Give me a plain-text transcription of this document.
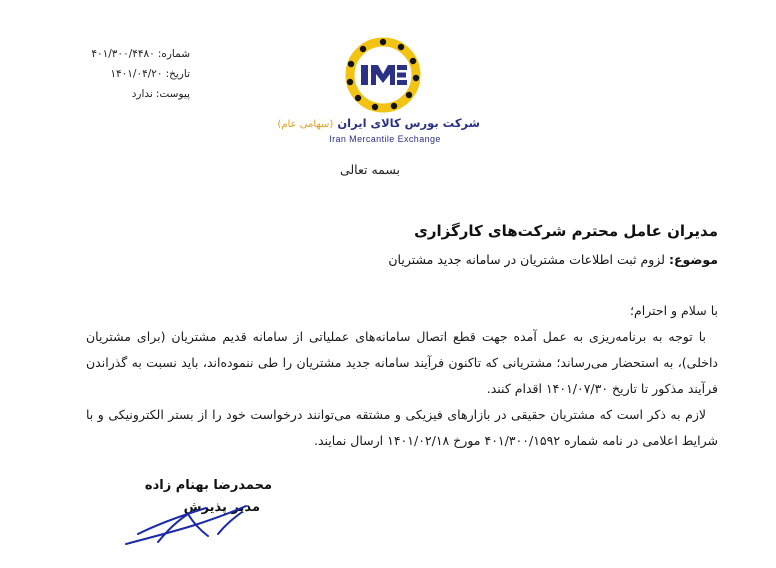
شماره:۴۰۱/۳۰۰/۴۴۸۰
تاریخ:۱۴۰۱/۰۴/۲۰
پیوست:ندارد
شرکت بورس کالای ایران (سهامی عام)
Iran Mercantile Exchange
بسمه تعالی
مدیران عامل محترم شرکت‌های کارگزاری
موضوع:لزوم ثبت اطلاعات مشتریان در سامانه جدید مشتریان

با سلام و احترام؛

با توجه به برنامه‌ریزی به عمل آمده جهت قطع اتصال سامانه‌های عملیاتی از سامانه قدیم مشتریان (برای مشتریان داخلی)، به استحضار می‌رساند؛ مشتریانی که تاکنون فرآیند سامانه جدید مشتریان را طی ننموده‌اند، باید نسبت به گذراندن فرآیند مذکور تا تاریخ ۱۴۰۱/۰۷/۳۰ اقدام کنند.

لازم به ذکر است که مشتریان حقیقی در بازارهای فیزیکی و مشتقه می‌توانند درخواست خود را از بستر الکترونیکی و با شرایط اعلامی در نامه شماره ۴۰۱/۳۰۰/۱۵۹۲ مورخ ۱۴۰۱/۰۲/۱۸ ارسال نمایند.

محمدرضا بهنام زاده
مدیر پذیرش
